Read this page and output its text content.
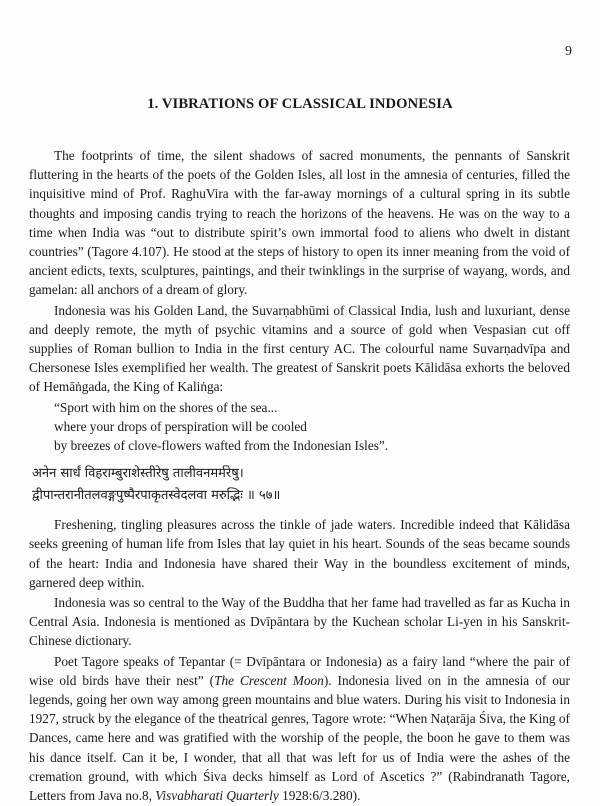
9
1. VIBRATIONS OF CLASSICAL INDONESIA

The footprints of time, the silent shadows of sacred monuments, the pennants of Sanskrit fluttering in the hearts of the poets of the Golden Isles, all lost in the amnesia of centuries, filled the inquisitive mind of Prof. RaghuVira with the far-away mornings of a cultural spring in its subtle thoughts and imposing candis trying to reach the horizons of the heavens. He was on the way to a time when India was “out to distribute spirit’s own immortal food to aliens who dwelt in distant countries” (Tagore 4.107). He stood at the steps of history to open its inner meaning from the void of ancient edicts, texts, sculptures, paintings, and their twinklings in the surprise of wayang, words, and gamelan: all anchors of a dream of glory.

Indonesia was his Golden Land, the Suvarṇabhūmi of Classical India, lush and luxuriant, dense and deeply remote, the myth of psychic vitamins and a source of gold when Vespasian cut off supplies of Roman bullion to India in the first century AC. The colourful name Suvarṇadvīpa and Chersonese Isles exemplified her wealth. The greatest of Sanskrit poets Kālidāsa exhorts the beloved of Hemāṅgada, the King of Kaliṅga:

“Sport with him on the shores of the sea...
where your drops of perspiration will be cooled
by breezes of clove-flowers wafted from the Indonesian Isles”.
अनेन सार्धं विहराम्बुराशेस्तीरेषु तालीवनमर्मरेषु।
द्वीपान्तरानीतलवङ्गपुष्पैरपाकृतस्वेदलवा मरुद्भिः ॥ ५७॥

Freshening, tingling pleasures across the tinkle of jade waters. Incredible indeed that Kālidāsa seeks greening of human life from Isles that lay quiet in his heart. Sounds of the seas became sounds of the heart: India and Indonesia have shared their Way in the boundless excitement of minds, garnered deep within.

Indonesia was so central to the Way of the Buddha that her fame had travelled as far as Kucha in Central Asia. Indonesia is mentioned as Dvīpāntara by the Kuchean scholar Li-yen in his Sanskrit-Chinese dictionary.

Poet Tagore speaks of Tepantar (= Dvīpāntara or Indonesia) as a fairy land “where the pair of wise old birds have their nest” (The Crescent Moon). Indonesia lived on in the amnesia of our legends, going her own way among green mountains and blue waters. During his visit to Indonesia in 1927, struck by the elegance of the theatrical genres, Tagore wrote: “When Naṭarāja Śiva, the King of Dances, came here and was gratified with the worship of the people, the boon he gave to them was his dance itself. Can it be, I wonder, that all that was left for us of India were the ashes of the cremation ground, with which Śiva decks himself as Lord of Ascetics ?” (Rabindranath Tagore, Letters from Java no.8, Visvabharati Quarterly 1928:6/3.280).
